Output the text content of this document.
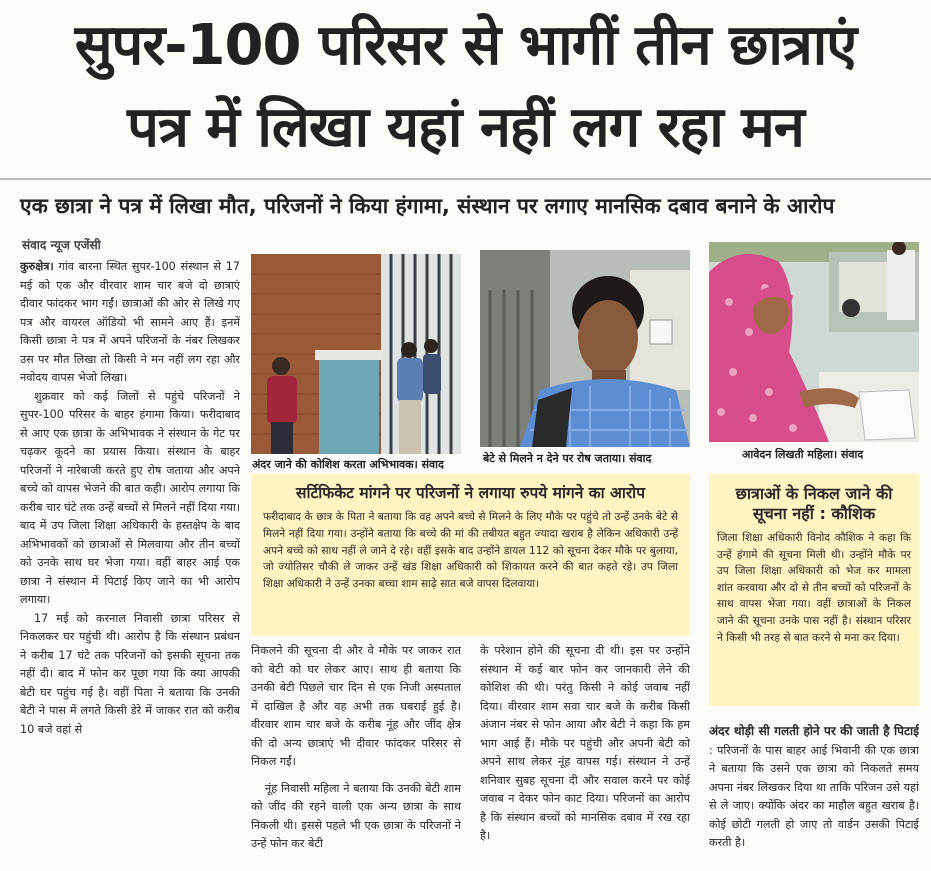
सुपर-100 परिसर से भागीं तीन छात्राएं
पत्र में लिखा यहां नहीं लग रहा मन
एक छात्रा ने पत्र में लिखा मौत, परिजनों ने किया हंगामा, संस्थान पर लगाए मानसिक दबाव बनाने के आरोप
संवाद न्यूज एजेंसी

कुरुक्षेत्र। गांव बारना स्थित सुपर-100 संस्थान से 17 मई को एक और वीरवार शाम चार बजे दो छात्राएं दीवार फांदकर भाग गईं। छात्राओं की ओर से लिखे गए पत्र और वायरल ऑडियो भी सामने आए हैं। इनमें किसी छात्रा ने पत्र में अपने परिजनों के नंबर लिखकर उस पर मौत लिखा तो किसी ने मन नहीं लग रहा और नवोदय वापस भेजो लिखा।

शुक्रवार को कई जिलों से पहुंचे परिजनों ने सुपर-100 परिसर के बाहर हंगामा किया। फरीदाबाद से आए एक छात्रा के अभिभावक ने संस्थान के गेट पर चढ़कर कूदने का प्रयास किया। संस्थान के बाहर परिजनों ने नारेबाजी करते हुए रोष जताया और अपने बच्चे को वापस भेजने की बात कही। आरोप लगाया कि करीब चार घंटे तक उन्हें बच्चों से मिलने नहीं दिया गया। बाद में उप जिला शिक्षा अधिकारी के हस्तक्षेप के बाद अभिभावकों को छात्राओं से मिलवाया और तीन बच्चों को उनके साथ घर भेजा गया। वहीं बाहर आई एक छात्रा ने संस्थान में पिटाई किए जाने का भी आरोप लगाया।

17 मई को करनाल निवासी छात्रा परिसर से निकलकर घर पहुंची थी। आरोप है कि संस्थान प्रबंधन ने करीब 17 घंटे तक परिजनों को इसकी सूचना तक नहीं दी। बाद में फोन कर पूछा गया कि क्या आपकी बेटी घर पहुंच गई है। वहीं पिता ने बताया कि उनकी बेटी ने पास में लगते किसी डेरे में जाकर रात को करीब 10 बजे वहां से

अंदर जाने की कोशिश करता अभिभावक। संवाद	बेटे से मिलने न देने पर रोष जताया। संवाद	आवेदन लिखती महिला। संवाद
सर्टिफिकेट मांगने पर परिजनों ने लगाया रुपये मांगने का आरोप
फरीदाबाद के छात्र के पिता ने बताया कि वह अपने बच्चे से मिलने के लिए मौके पर पहुंचे तो उन्हें उनके बेटे से मिलने नहीं दिया गया। उन्होंने बताया कि बच्चे की मां की तबीयत बहुत ज्यादा खराब है लेकिन अधिकारी उन्हें अपने बच्चे को साथ नहीं ले जाने दे रहे। वहीं इसके बाद उन्होंने डायल 112 को सूचना देकर मौके पर बुलाया, जो ज्योतिसर चौकी ले जाकर उन्हें खंड शिक्षा अधिकारी को शिकायत करने की बात कहते रहे। उप जिला शिक्षा अधिकारी ने उन्हें उनका बच्चा शाम साढ़े सात बजे वापस दिलवाया।
छात्राओं के निकल जाने की सूचना नहीं : कौशिक
जिला शिक्षा अधिकारी विनोद कौशिक ने कहा कि उन्हें हंगामे की सूचना मिली थी। उन्होंने मौके पर उप जिला शिक्षा अधिकारी को भेज कर मामला शांत करवाया और दो से तीन बच्चों को परिजनों के साथ वापस भेजा गया। वहीं छात्राओं के निकल जाने की सूचना उनके पास नहीं है। संस्थान परिसर ने किसी भी तरह से बात करने से मना कर दिया।

निकलने की सूचना दी और वे मौके पर जाकर रात को बेटी को घर लेकर आए। साथ ही बताया कि उनकी बेटी पिछले चार दिन से एक निजी अस्पताल में दाखिल है और वह अभी तक घबराई हुई है। वीरवार शाम चार बजे के करीब नूंह और जींद क्षेत्र की दो अन्य छात्राएं भी दीवार फांदकर परिसर से निकल गईं।

नूंह निवासी महिला ने बताया कि उनकी बेटी शाम को जींद की रहने वाली एक अन्य छात्रा के साथ निकली थी। इससे पहले भी एक छात्रा के परिजनों ने उन्हें फोन कर बेटी

के परेशान होने की सूचना दी थी। इस पर उन्होंने संस्थान में कई बार फोन कर जानकारी लेने की कोशिश की थी। परंतु किसी ने कोई जवाब नहीं दिया। वीरवार शाम सवा चार बजे के करीब किसी अंजान नंबर से फोन आया और बेटी ने कहा कि हम भाग आई हैं। मौके पर पहुंची और अपनी बेटी को अपने साथ लेकर नूंह वापस गई। संस्थान ने उन्हें शनिवार सुबह सूचना दी और सवाल करने पर कोई जवाब न देकर फोन काट दिया। परिजनों का आरोप है कि संस्थान बच्चों को मानसिक दबाव में रख रहा है।

अंदर थोड़ी सी गलती होने पर की जाती है पिटाई : परिजनों के पास बाहर आई भिवानी की एक छात्रा ने बताया कि उसने एक छात्रा को निकलते समय अपना नंबर लिखकर दिया था ताकि परिजन उसे यहां से ले जाए। क्योंकि अंदर का माहौल बहुत खराब है। कोई छोटी गलती हो जाए तो वार्डन उसकी पिटाई करती है।
